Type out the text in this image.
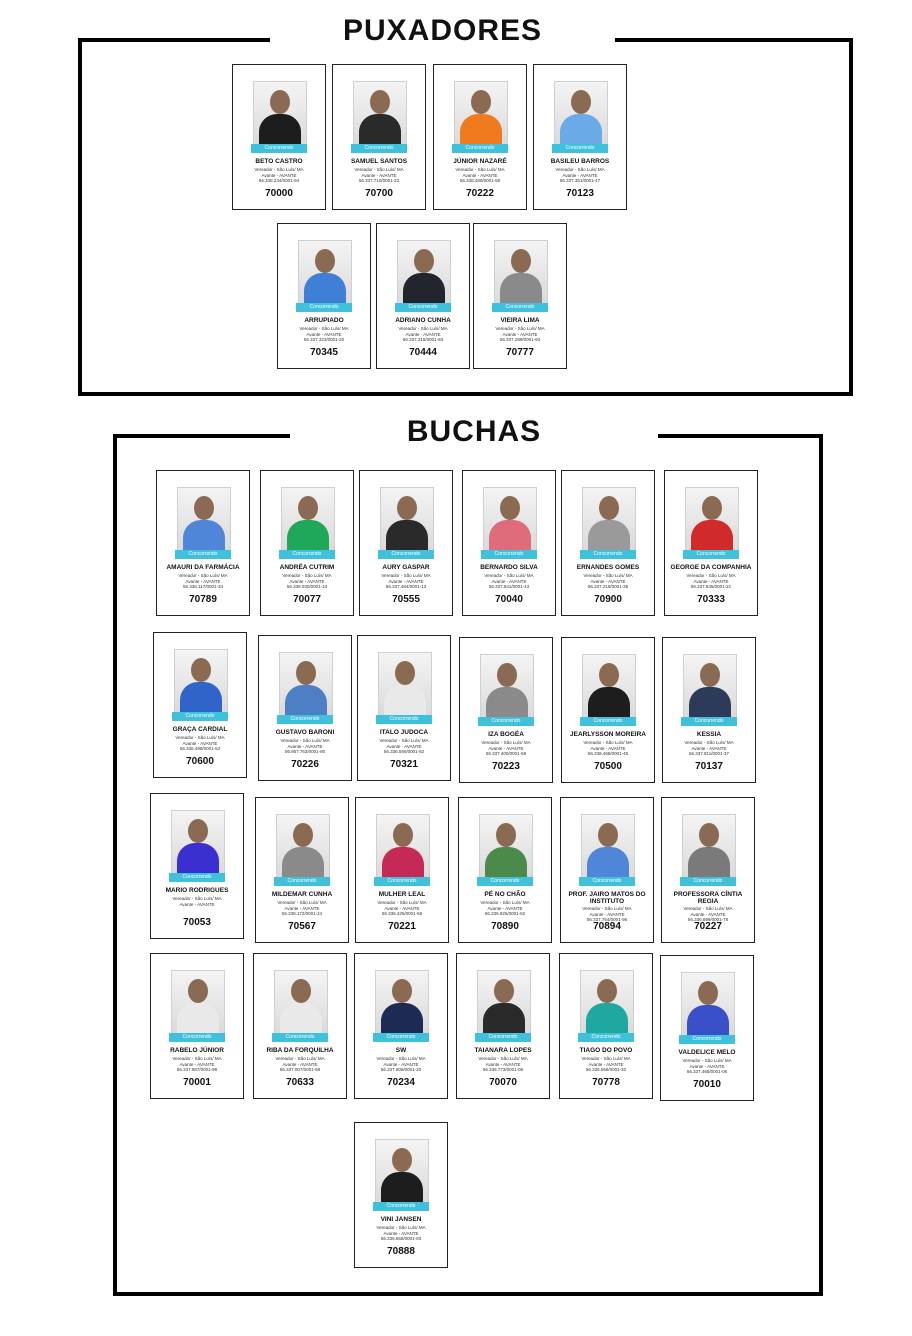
PUXADORES
BUCHAS
Concorrendo
BETO CASTRO
Vereador - São Luís/ MA
Avante - AVANTE
56.338.244/0001-94
70000
Concorrendo
SAMUEL SANTOS
Vereador - São Luís/ MA
Avante - AVANTE
56.337.710/0001-22
70700
Concorrendo
JÚNIOR NAZARÉ
Vereador - São Luís/ MA
Avante - AVANTE
56.338.480/0001-58
70222
Concorrendo
BASILEU BARROS
Vereador - São Luís/ MA
Avante - AVANTE
56.337.351/0001-47
70123
Concorrendo
ARRUPIADO
Vereador - São Luís/ MA
Avante - AVANTE
56.337.323/0001-20
70345
Concorrendo
ADRIANO CUNHA
Vereador - São Luís/ MA
Avante - AVANTE
56.337.315/0001-83
70444
Concorrendo
VIEIRA LIMA
Vereador - São Luís/ MA
Avante - AVANTE
56.337.289/0001-93
70777
Concorrendo
AMAURI DA FARMÁCIA
Vereador - São Luís/ MA
Avante - AVANTE
56.338.117/0001-34
70789
Concorrendo
ANDRÉA CUTRIM
Vereador - São Luís/ MA
Avante - AVANTE
56.338.030/0001-10
70077
Concorrendo
AURY GASPAR
Vereador - São Luís/ MA
Avante - AVANTE
56.337.484/0001-13
70555
Concorrendo
BERNARDO SILVA
Vereador - São Luís/ MA
Avante - AVANTE
56.337.841/0001-43
70040
Concorrendo
ERNANDES GOMES
Vereador - São Luís/ MA
Avante - AVANTE
56.337.219/0001-35
70900
Concorrendo
GEORGE DA COMPANHIA
Vereador - São Luís/ MA
Avante - AVANTE
56.337.845/0001-21
70333
Concorrendo
GRAÇA CARDIAL
Vereador - São Luís/ MA
Avante - AVANTE
56.336.498/0001-53
70600
Concorrendo
GUSTAVO BARONI
Vereador - São Luís/ MA
Avante - AVANTE
56.957.763/0001-80
70226
Concorrendo
ITALO JUDOCA
Vereador - São Luís/ MA
Avante - AVANTE
56.336.590/0001-82
70321
Concorrendo
IZA BOGÉA
Vereador - São Luís/ MA
Avante - AVANTE
56.337.400/0001-59
70223
Concorrendo
JEARLYSSON MOREIRA
Vereador - São Luís/ MA
Avante - AVANTE
56.338.468/0001-45
70500
Concorrendo
KESSIA
Vereador - São Luís/ MA
Avante - AVANTE
56.337.811/0001-37
70137
Concorrendo
MARIO RODRIGUES
Vereador - São Luís/ MA
Avante - AVANTE
70053
Concorrendo
MILDEMAR CUNHA
Vereador - São Luís/ MA
Avante - AVANTE
56.338.172/0001-24
70567
Concorrendo
MULHER LEAL
Vereador - São Luís/ MA
Avante - AVANTE
56.336.425/0001-66
70221
Concorrendo
PÉ NO CHÃO
Vereador - São Luís/ MA
Avante - AVANTE
56.336.925/0001-62
70890
Concorrendo
PROF. JAIRO MATOS DO INSTITUTO
Vereador - São Luís/ MA
Avante - AVANTE
56.337.754/0001-96
70894
Concorrendo
PROFESSORA CÍNTIA REGIA
Vereador - São Luís/ MA
Avante - AVANTE
56.336.699/0001-78
70227
Concorrendo
RABELO JÚNIOR
Vereador - São Luís/ MA
Avante - AVANTE
56.337.987/0001-99
70001
Concorrendo
RIBA DA FORQUILHA
Vereador - São Luís/ MA
Avante - AVANTE
56.337.007/0001-58
70633
Concorrendo
SW
Vereador - São Luís/ MA
Avante - AVANTE
56.337.806/0001-20
70234
Concorrendo
TAIANARA LOPES
Vereador - São Luís/ MA
Avante - AVANTE
56.336.773/0001-06
70070
Concorrendo
TIAGO DO POVO
Vereador - São Luís/ MA
Avante - AVANTE
56.336.568/0001-32
70778
Concorrendo
VALDELICE MELO
Vereador - São Luís/ MA
Avante - AVANTE
56.337.465/0001-06
70010
Concorrendo
VINI JANSEN
Vereador - São Luís/ MA
Avante - AVANTE
56.336.655/0001-93
70888
